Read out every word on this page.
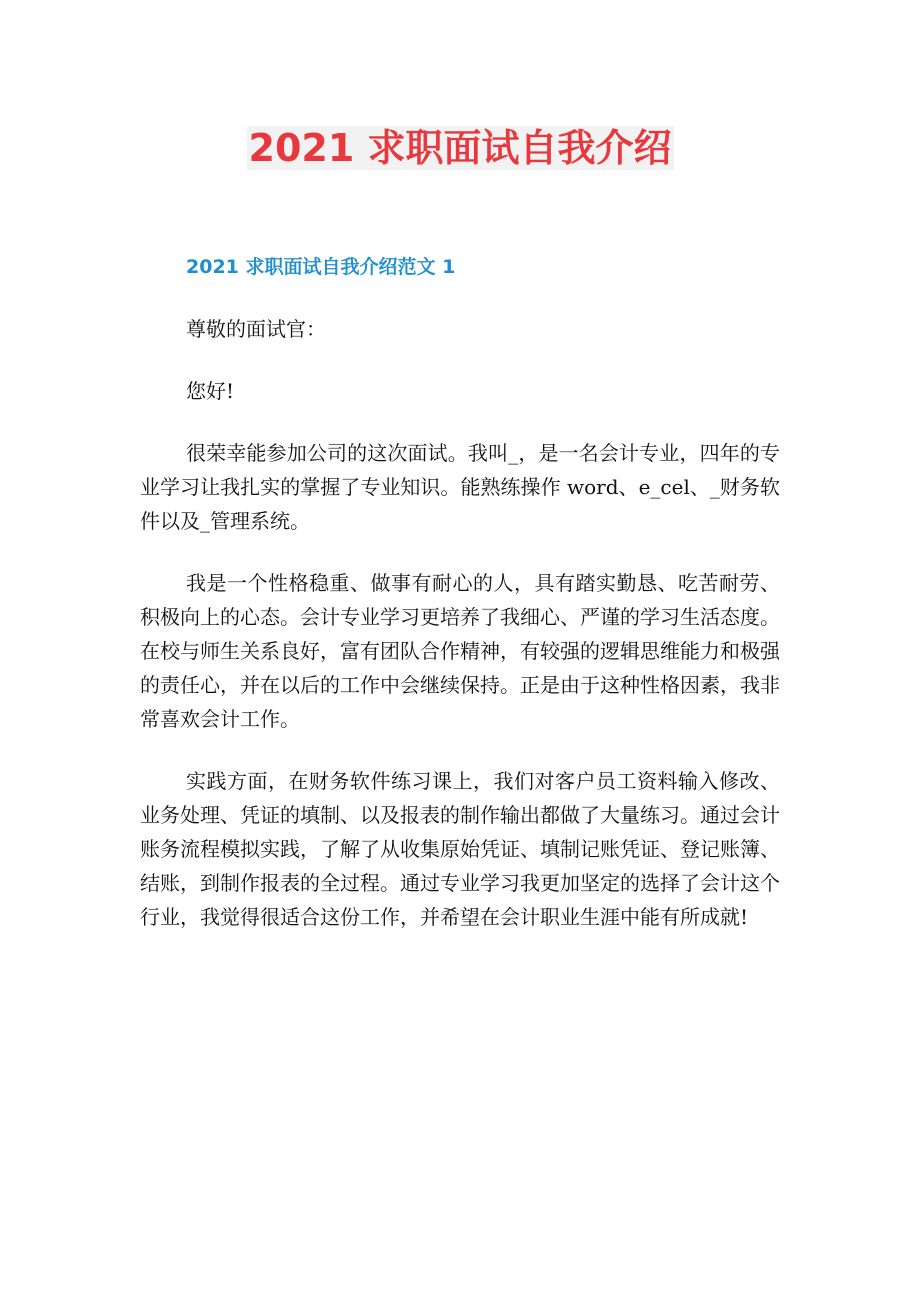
2021 求职面试自我介绍

2021 求职面试自我介绍范文 1

尊敬的面试官：

您好!

很荣幸能参加公司的这次面试。我叫_，是一名会计专业，四年的专业学习让我扎实的掌握了专业知识。能熟练操作 word、e_cel、_财务软件以及_管理系统。

我是一个性格稳重、做事有耐心的人，具有踏实勤恳、吃苦耐劳、积极向上的心态。会计专业学习更培养了我细心、严谨的学习生活态度。在校与师生关系良好，富有团队合作精神，有较强的逻辑思维能力和极强的责任心，并在以后的工作中会继续保持。正是由于这种性格因素，我非常喜欢会计工作。

实践方面，在财务软件练习课上，我们对客户员工资料输入修改、业务处理、凭证的填制、以及报表的制作输出都做了大量练习。通过会计账务流程模拟实践，了解了从收集原始凭证、填制记账凭证、登记账簿、结账，到制作报表的全过程。通过专业学习我更加坚定的选择了会计这个行业，我觉得很适合这份工作，并希望在会计职业生涯中能有所成就!
